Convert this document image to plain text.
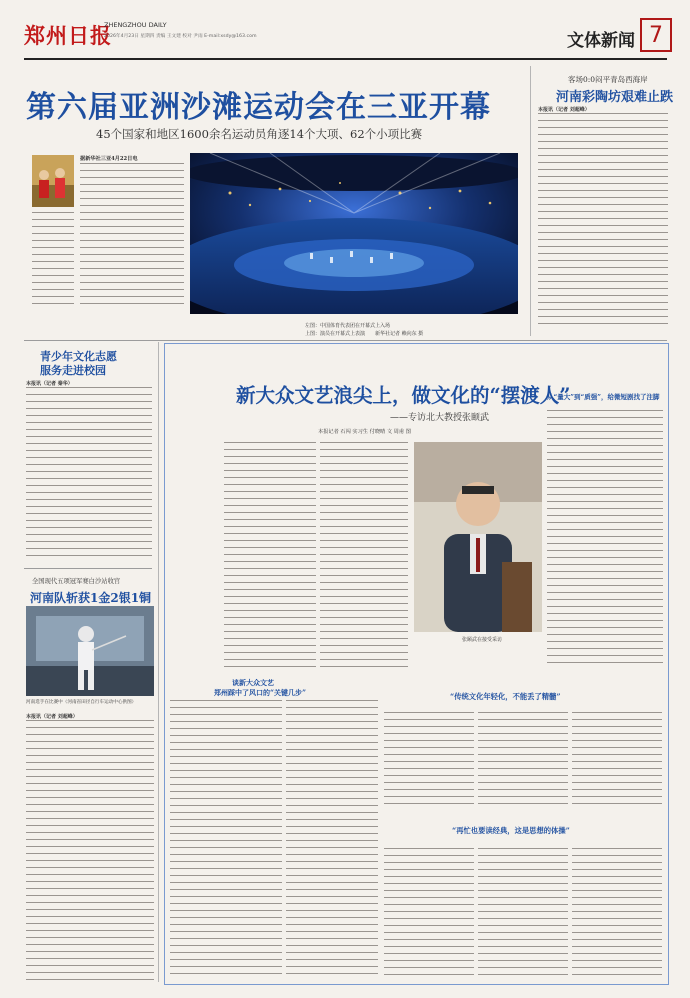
郑州日报
ZHENGZHOU DAILY
2026年4月23日 星期四 责编 王文建 校对 尹雨 E-mail:xsdy@163.com	文体新闻 7
第六届亚洲沙滩运动会在三亚开幕
45个国家和地区1600余名运动员角逐14个大项、62个小项比赛
据新华社三亚4月22日电
左图：中国体育代表团在开幕式上入场
上图：演员在开幕式上表演　　新华社记者 赖向东 摄
客场0:0闷平青岛西海岸
河南彩陶坊艰难止跌
本报讯（记者 刘超峰）
青少年文化志愿
服务走进校园
本报讯（记者 秦华）
全国现代五项冠军赛白沙站收官
河南队斩获1金2银1铜
河南选手在比赛中（河南省田径自行车运动中心供图）
本报讯（记者 刘超峰）
新大众文艺浪尖上，做文化的“摆渡人”
——专访北大教授张颐武
本报记者 石闯 实习生 付晓晴 文 周甫 图
从“量大”到“质强”，给微短剧找了注脚
张颐武在接受采访
谈新大众文艺
郑州踩中了风口的“关键几步”	“传统文化年轻化，不能丢了精髓”
“再忙也要读经典，这是思想的体操”
